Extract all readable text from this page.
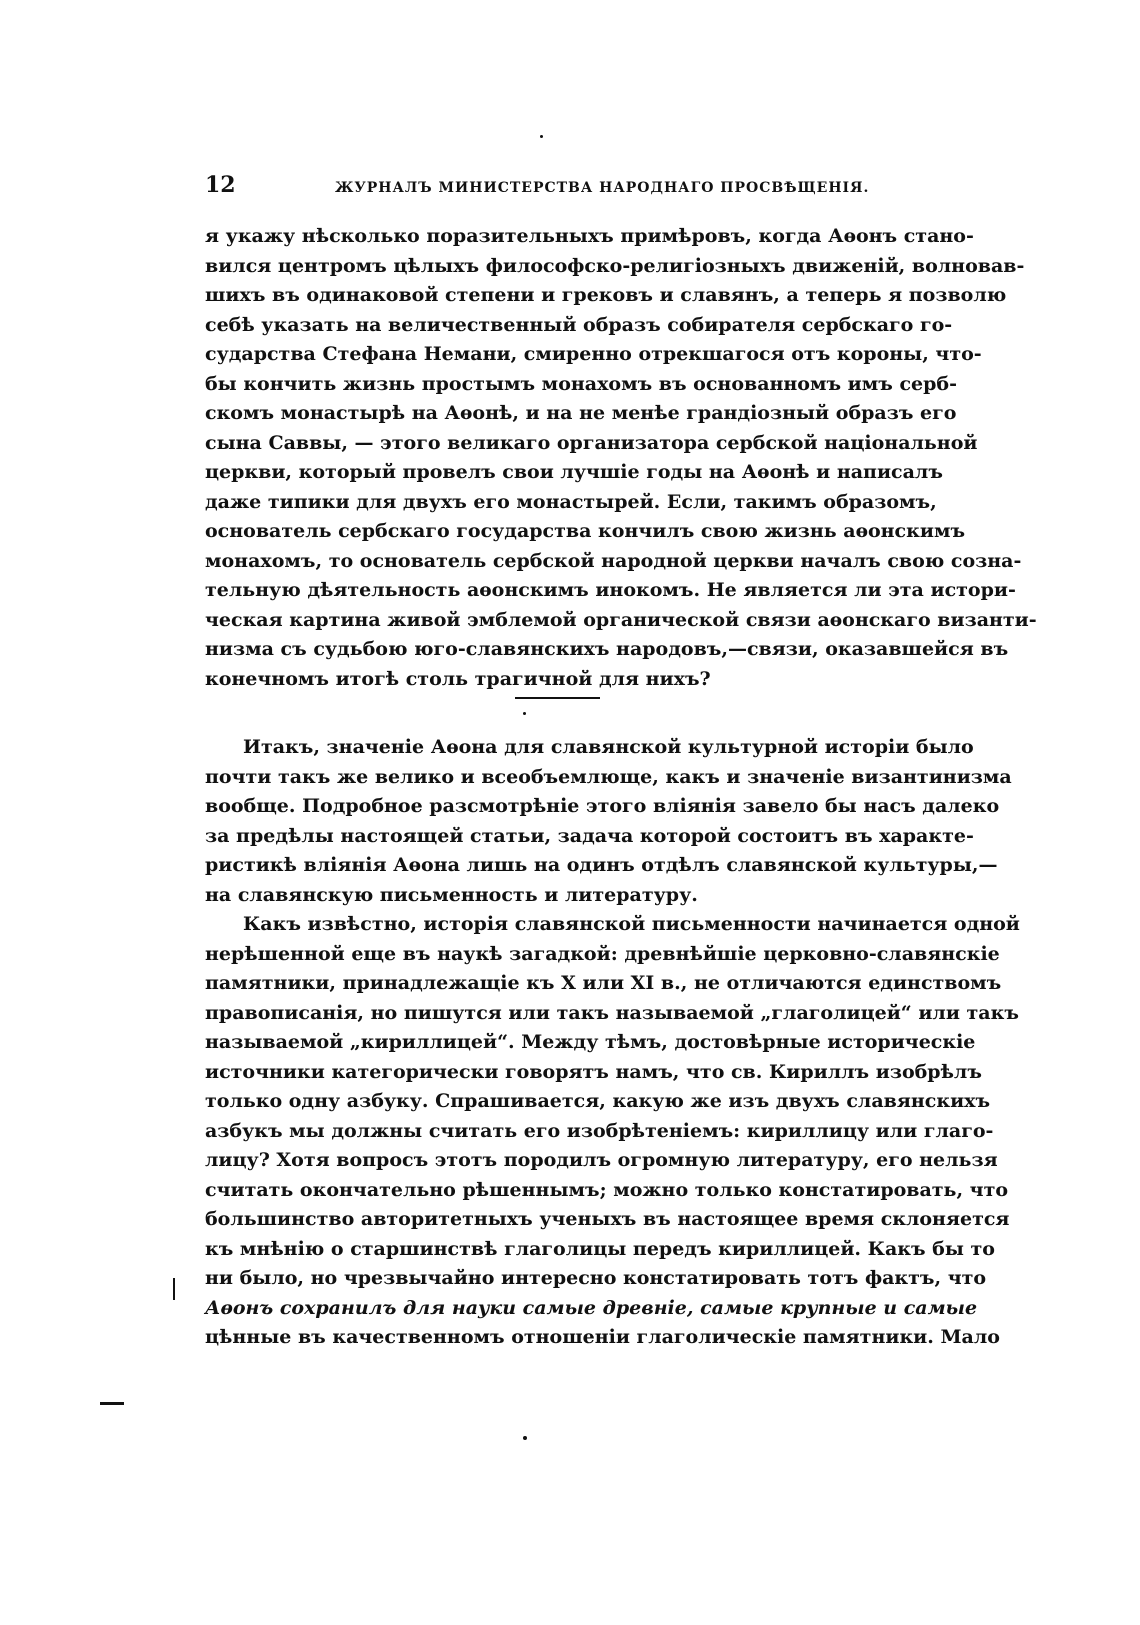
12	ЖУРНАЛЪ МИНИСТЕРСТВА НАРОДНАГО ПРОСВѢЩЕНІЯ.
я укажу нѣсколько поразительныхъ примѣровъ, когда Аѳонъ стано-
вился центромъ цѣлыхъ философско-религіозныхъ движеній, волновав-
шихъ въ одинаковой степени и грековъ и славянъ, а теперь я позволю
себѣ указать на величественный образъ собирателя сербскаго го-
сударства Стефана Немани, смиренно отрекшагося отъ короны, что-
бы кончить жизнь простымъ монахомъ въ основанномъ имъ серб-
скомъ монастырѣ на Аѳонѣ, и на не менѣе грандіозный образъ его
сына Саввы, — этого великаго организатора сербской національной
церкви, который провелъ свои лучшіе годы на Аѳонѣ и написалъ
даже типики для двухъ его монастырей. Если, такимъ образомъ,
основатель сербскаго государства кончилъ свою жизнь аѳонскимъ
монахомъ, то основатель сербской народной церкви началъ свою созна-
тельную дѣятельность аѳонскимъ инокомъ. Не является ли эта истори-
ческая картина живой эмблемой органической связи аѳонскаго византи-
низма съ судьбою юго-славянскихъ народовъ,—связи, оказавшейся въ
конечномъ итогѣ столь трагичной для нихъ?
Итакъ, значеніе Аѳона для славянской культурной исторіи было
почти такъ же велико и всеобъемлюще, какъ и значеніе византинизма
вообще. Подробное разсмотрѣніе этого вліянія завело бы насъ далеко
за предѣлы настоящей статьи, задача которой состоитъ въ характе-
ристикѣ вліянія Аѳона лишь на одинъ отдѣлъ славянской культуры,—
на славянскую письменность и литературу.
Какъ извѣстно, исторія славянской письменности начинается одной
нерѣшенной еще въ наукѣ загадкой: древнѣйшіе церковно-славянскіе
памятники, принадлежащіе къ X или XI в., не отличаются единствомъ
правописанія, но пишутся или такъ называемой „глаголицей“ или такъ
называемой „кириллицей“. Между тѣмъ, достовѣрные историческіе
источники категорически говорятъ намъ, что св. Кириллъ изобрѣлъ
только одну азбуку. Спрашивается, какую же изъ двухъ славянскихъ
азбукъ мы должны считать его изобрѣтеніемъ: кириллицу или глаго-
лицу? Хотя вопросъ этотъ породилъ огромную литературу, его нельзя
считать окончательно рѣшеннымъ; можно только констатировать, что
большинство авторитетныхъ ученыхъ въ настоящее время склоняется
къ мнѣнію о старшинствѣ глаголицы передъ кириллицей. Какъ бы то
ни было, но чрезвычайно интересно констатировать тотъ фактъ, что
Аѳонъ сохранилъ для науки самые древніе, самые крупные и самые
цѣнные въ качественномъ отношеніи глаголическіе памятники. Мало
